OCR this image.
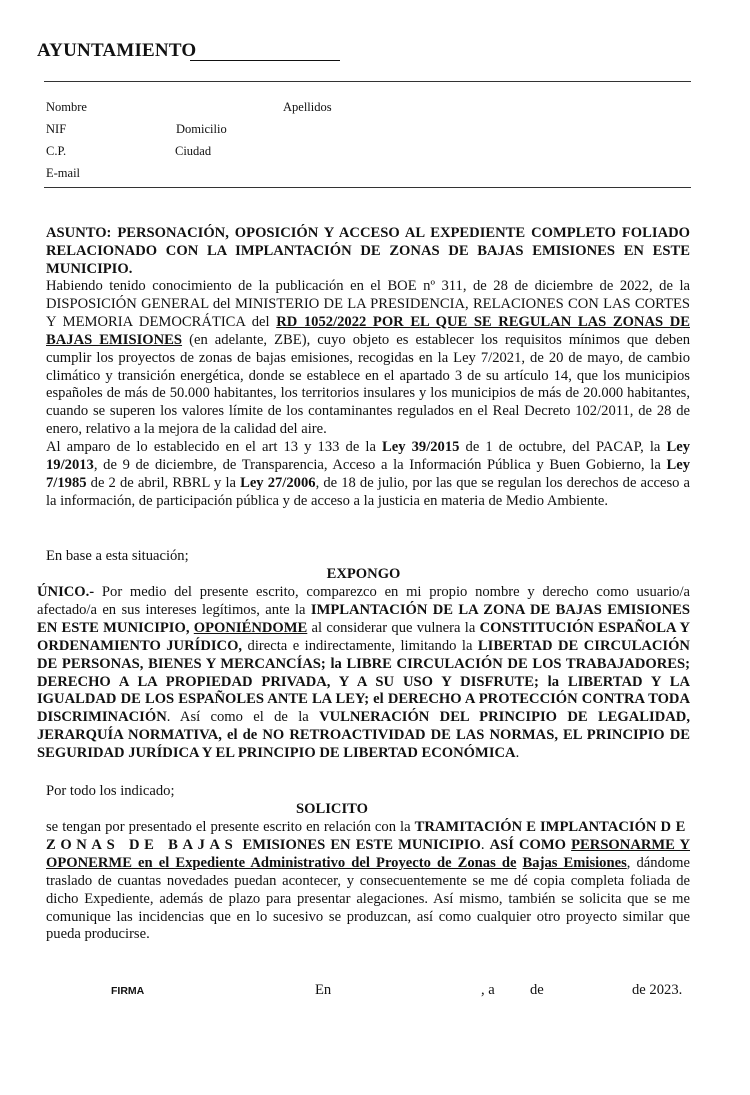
AYUNTAMIENTO
Nombre	Apellidos
NIF	Domicilio
C.P.	Ciudad
E-mail
ASUNTO: PERSONACIÓN, OPOSICIÓN Y ACCESO AL EXPEDIENTE COMPLETO FOLIADO RELACIONADO CON LA IMPLANTACIÓN DE ZONAS DE BAJAS EMISIONES EN ESTE MUNICIPIO.
Habiendo tenido conocimiento de la publicación en el BOE nº 311, de 28 de diciembre de 2022, de la DISPOSICIÓN GENERAL del MINISTERIO DE LA PRESIDENCIA, RELACIONES CON LAS CORTES Y MEMORIA DEMOCRÁTICA del RD 1052/2022 POR EL QUE SE REGULAN LAS ZONAS DE BAJAS EMISIONES (en adelante, ZBE), cuyo objeto es establecer los requisitos mínimos que deben cumplir los proyectos de zonas de bajas emisiones, recogidas en la Ley 7/2021, de 20 de mayo, de cambio climático y transición energética, donde se establece en el apartado 3 de su artículo 14, que los municipios españoles de más de 50.000 habitantes, los territorios insulares y los municipios de más de 20.000 habitantes, cuando se superen los valores límite de los contaminantes regulados en el Real Decreto 102/2011, de 28 de enero, relativo a la mejora de la calidad del aire.
Al amparo de lo establecido en el art 13 y 133 de la Ley 39/2015 de 1 de octubre, del PACAP, la Ley 19/2013, de 9 de diciembre, de Transparencia, Acceso a la Información Pública y Buen Gobierno, la Ley 7/1985 de 2 de abril, RBRL y la Ley 27/2006, de 18 de julio, por las que se regulan los derechos de acceso a la información, de participación pública y de acceso a la justicia en materia de Medio Ambiente.
En base a esta situación;
EXPONGO
ÚNICO.- Por medio del presente escrito, comparezco en mi propio nombre y derecho como usuario/a afectado/a en sus intereses legítimos, ante la IMPLANTACIÓN DE LA ZONA DE BAJAS EMISIONES EN ESTE MUNICIPIO, OPONIÉNDOME al considerar que vulnera la CONSTITUCIÓN ESPAÑOLA Y ORDENAMIENTO JURÍDICO, directa e indirectamente, limitando la LIBERTAD DE CIRCULACIÓN DE PERSONAS, BIENES Y MERCANCÍAS; la LIBRE CIRCULACIÓN DE LOS TRABAJADORES; DERECHO A LA PROPIEDAD PRIVADA, Y A SU USO Y DISFRUTE; la LIBERTAD Y LA IGUALDAD DE LOS ESPAÑOLES ANTE LA LEY; el DERECHO A PROTECCIÓN CONTRA TODA DISCRIMINACIÓN. Así como el de la VULNERACIÓN DEL PRINCIPIO DE LEGALIDAD, JERARQUÍA NORMATIVA, el de NO RETROACTIVIDAD DE LAS NORMAS, EL PRINCIPIO DE SEGURIDAD JURÍDICA Y EL PRINCIPIO DE LIBERTAD ECONÓMICA.
Por todo los indicado;
SOLICITO
se tengan por presentado el presente escrito en relación con la TRAMITACIÓN E IMPLANTACIÓN DE ZONAS DE BAJAS EMISIONES EN ESTE MUNICIPIO. ASÍ COMO PERSONARME Y OPONERME en el Expediente Administrativo del Proyecto de Zonas de Bajas Emisiones, dándome traslado de cuantas novedades puedan acontecer, y consecuentemente se me dé copia completa foliada de dicho Expediente, además de plazo para presentar alegaciones. Así mismo, también se solicita que se me comunique las incidencias que en lo sucesivo se produzcan, así como cualquier otro proyecto similar que pueda producirse.
FIRMA	En	, a de	de 2023.
